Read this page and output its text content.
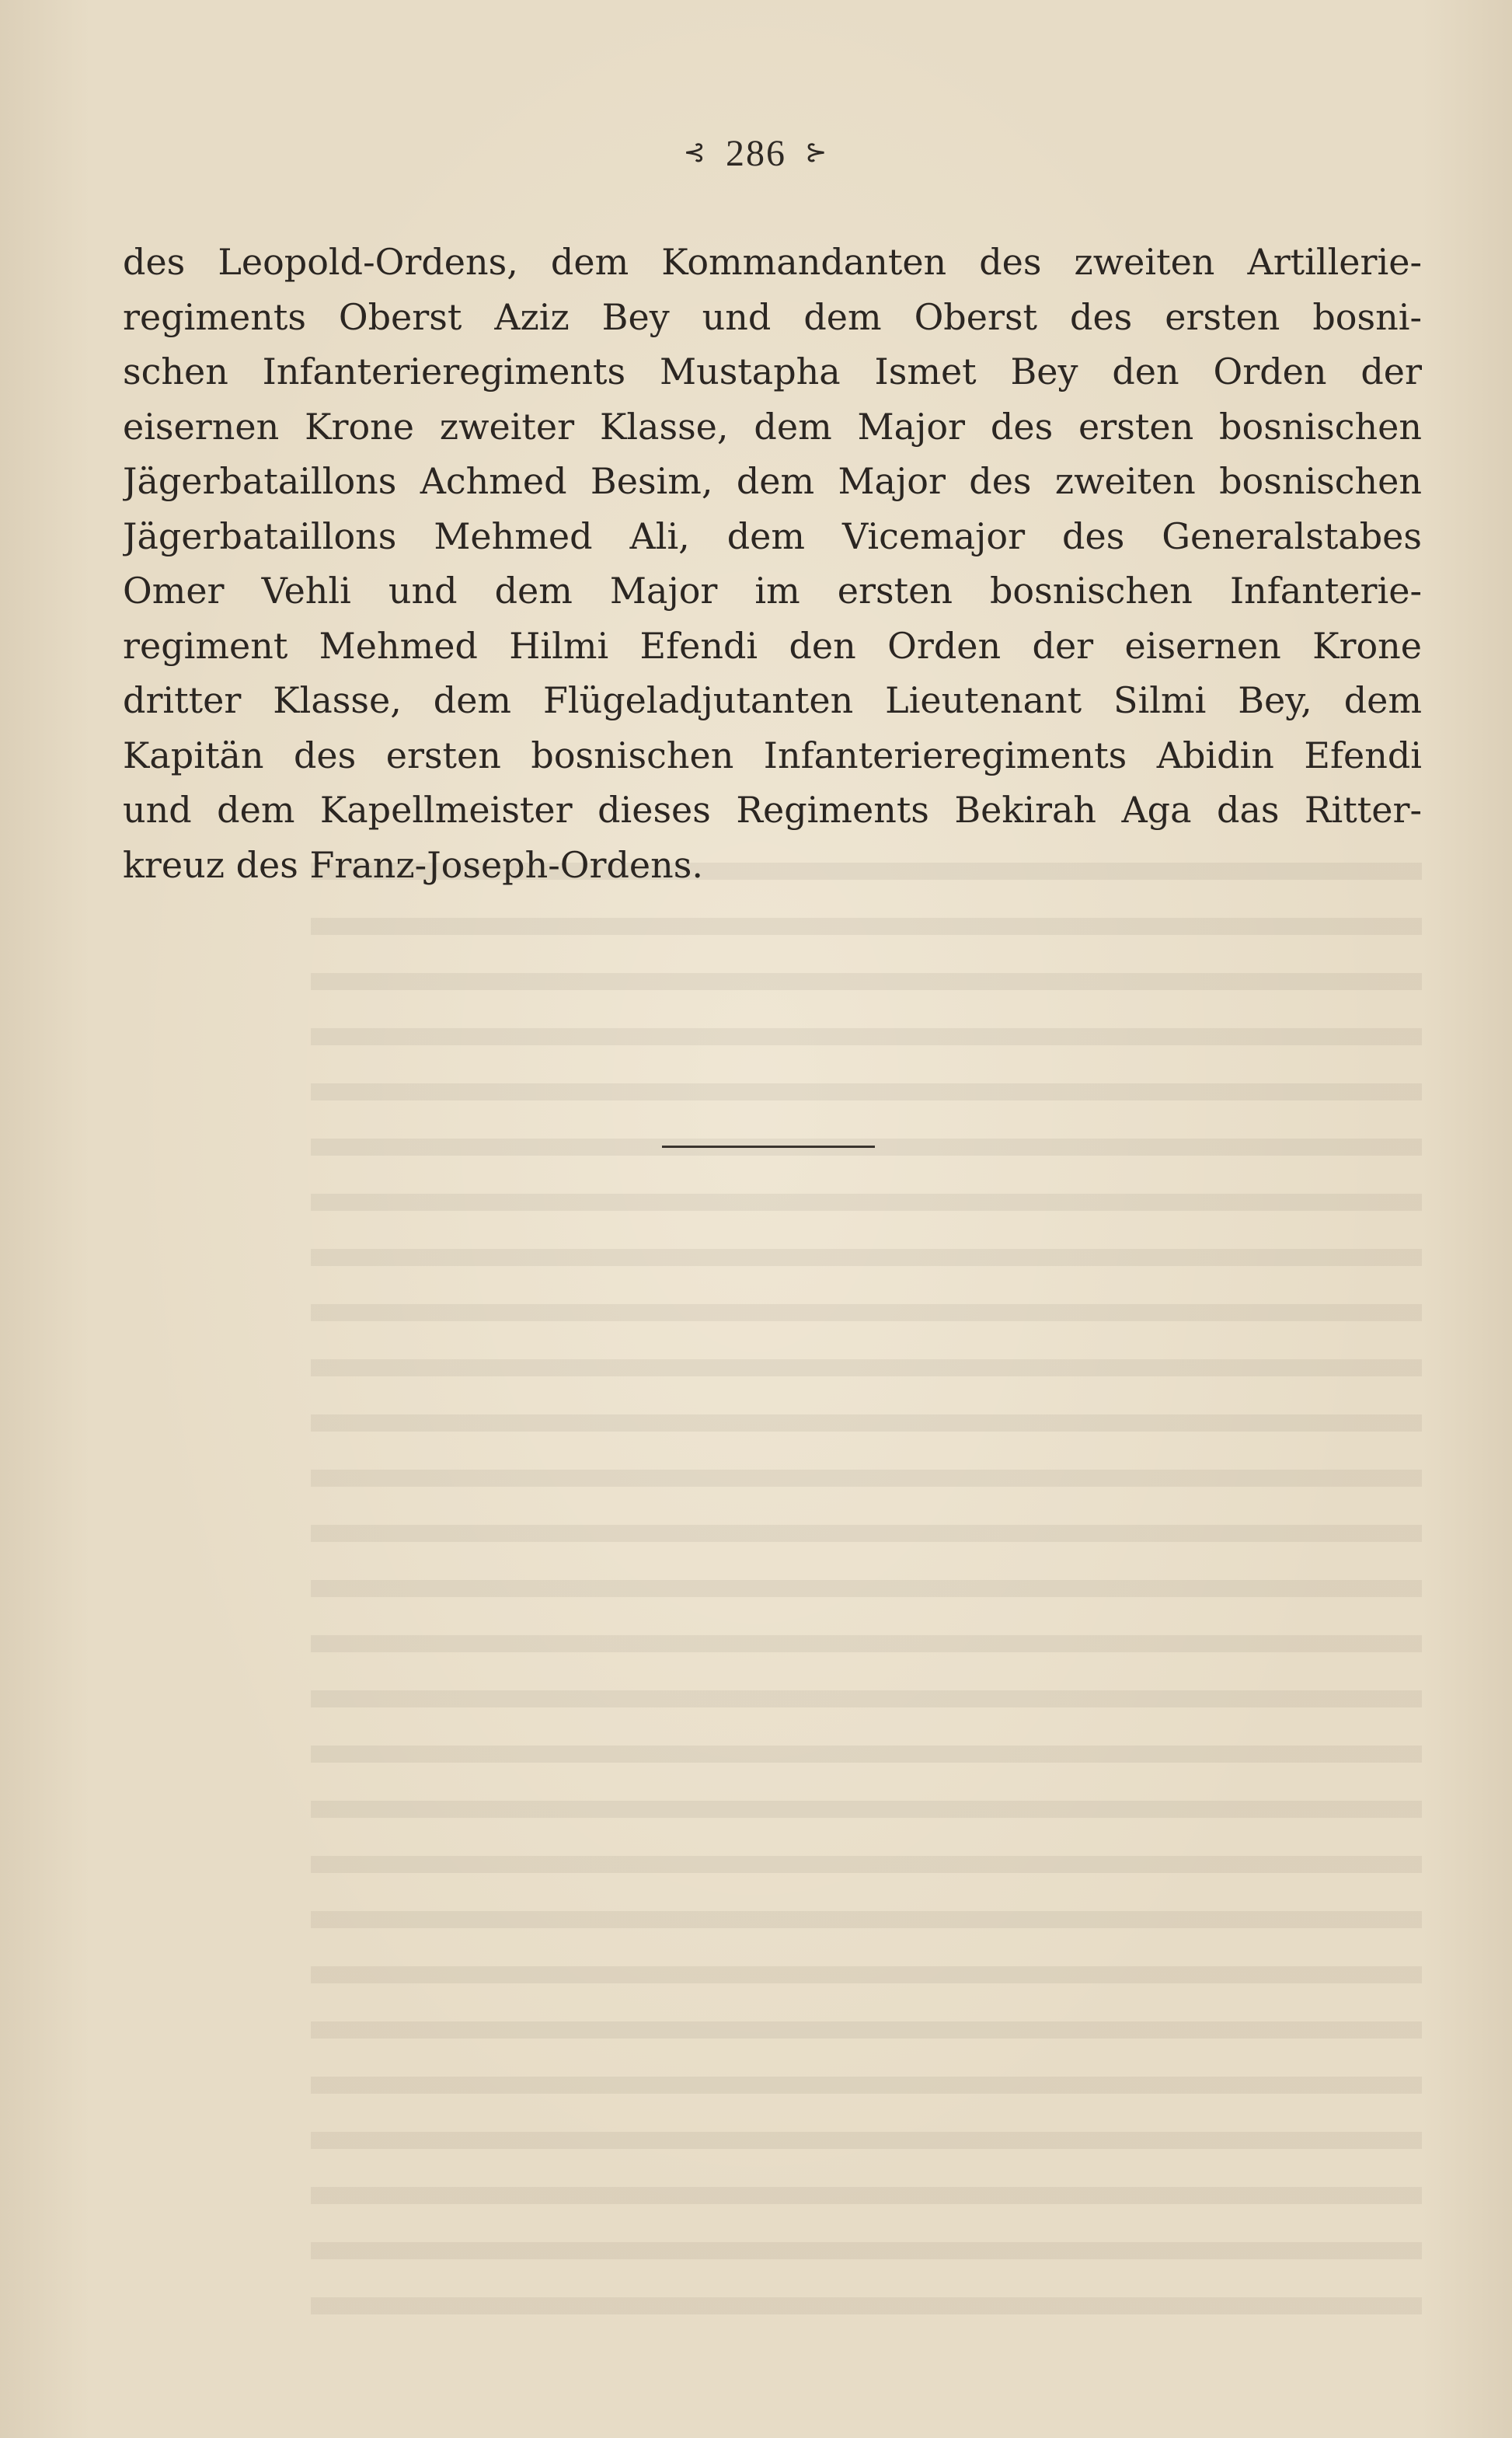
⊰ 286 ⊱

des Leopold-Ordens, dem Kommandanten des zweiten Artillerie-
regiments Oberst Aziz Bey und dem Oberst des ersten bosni-
schen Infanterieregiments Mustapha Ismet Bey den Orden der
eisernen Krone zweiter Klasse, dem Major des ersten bosnischen
Jägerbataillons Achmed Besim, dem Major des zweiten bosnischen
Jägerbataillons Mehmed Ali, dem Vicemajor des Generalstabes
Omer Vehli und dem Major im ersten bosnischen Infanterie-
regiment Mehmed Hilmi Efendi den Orden der eisernen Krone
dritter Klasse, dem Flügeladjutanten Lieutenant Silmi Bey, dem
Kapitän des ersten bosnischen Infanterieregiments Abidin Efendi
und dem Kapellmeister dieses Regiments Bekirah Aga das Ritter-
kreuz des Franz-Joseph-Ordens.
